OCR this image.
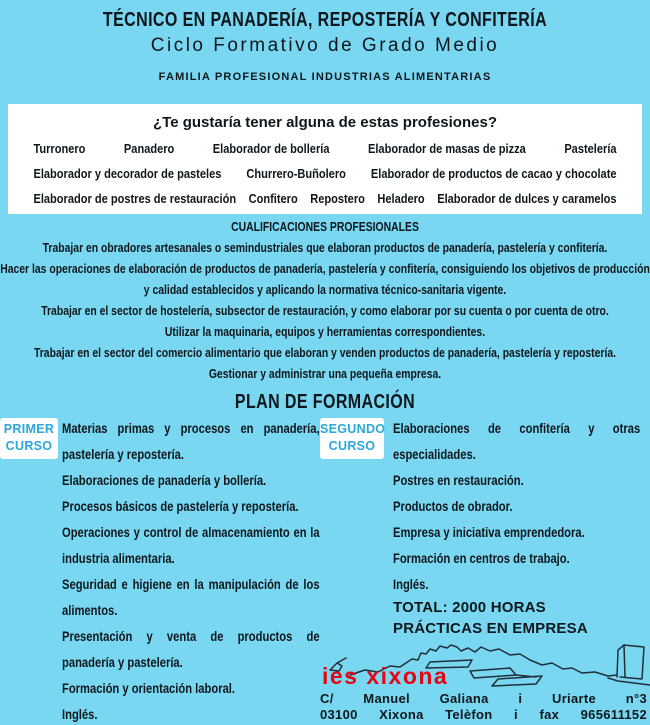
TÉCNICO EN PANADERÍA, REPOSTERÍA Y CONFITERÍA
Ciclo Formativo de Grado Medio
FAMILIA PROFESIONAL INDUSTRIAS ALIMENTARIAS
¿Te gustaría tener alguna de estas profesiones?
Turronero	Panadero	Elaborador de bollería	Elaborador de masas de pizza	Pastelería
Elaborador y decorador de pasteles Churrero-Buñolero Elaborador de productos de cacao y chocolate
Elaborador de postres de restauración Confitero Repostero Heladero Elaborador de dulces y caramelos
CUALIFICACIONES PROFESIONALES

Trabajar en obradores artesanales o semindustriales que elaboran productos de panadería, pastelería y confitería.

Hacer las operaciones de elaboración de productos de panadería, pastelería y confitería, consiguiendo los objetivos de producción y calidad establecidos y aplicando la normativa técnico-sanitaria vigente.

Trabajar en el sector de hostelería, subsector de restauración, y como elaborar por su cuenta o por cuenta de otro.

Utilizar la maquinaria, equipos y herramientas correspondientes.

Trabajar en el sector del comercio alimentario que elaboran y venden productos de panadería, pastelería y repostería.

Gestionar y administrar una pequeña empresa.

PLAN DE FORMACIÓN
PRIMER
CURSO

Materias primas y procesos en panadería, pastelería y repostería.

Elaboraciones de panadería y bollería.

Procesos básicos de pastelería y repostería.

Operaciones y control de almacenamiento en la industria alimentaria.

Seguridad e higiene en la manipulación de los alimentos.

Presentación y venta de productos de panadería y pastelería.

Formación y orientación laboral.

Inglés.

SEGUNDO
CURSO

Elaboraciones de confitería y otras especialidades.

Postres en restauración.

Productos de obrador.

Empresa y iniciativa emprendedora.

Formación en centros de trabajo.

Inglés.

TOTAL: 2000 HORAS

PRÁCTICAS EN EMPRESA

ies xixona

C/ Manuel Galiana i Uriarte n°3

03100 Xixona Telèfon i fax 965611152
